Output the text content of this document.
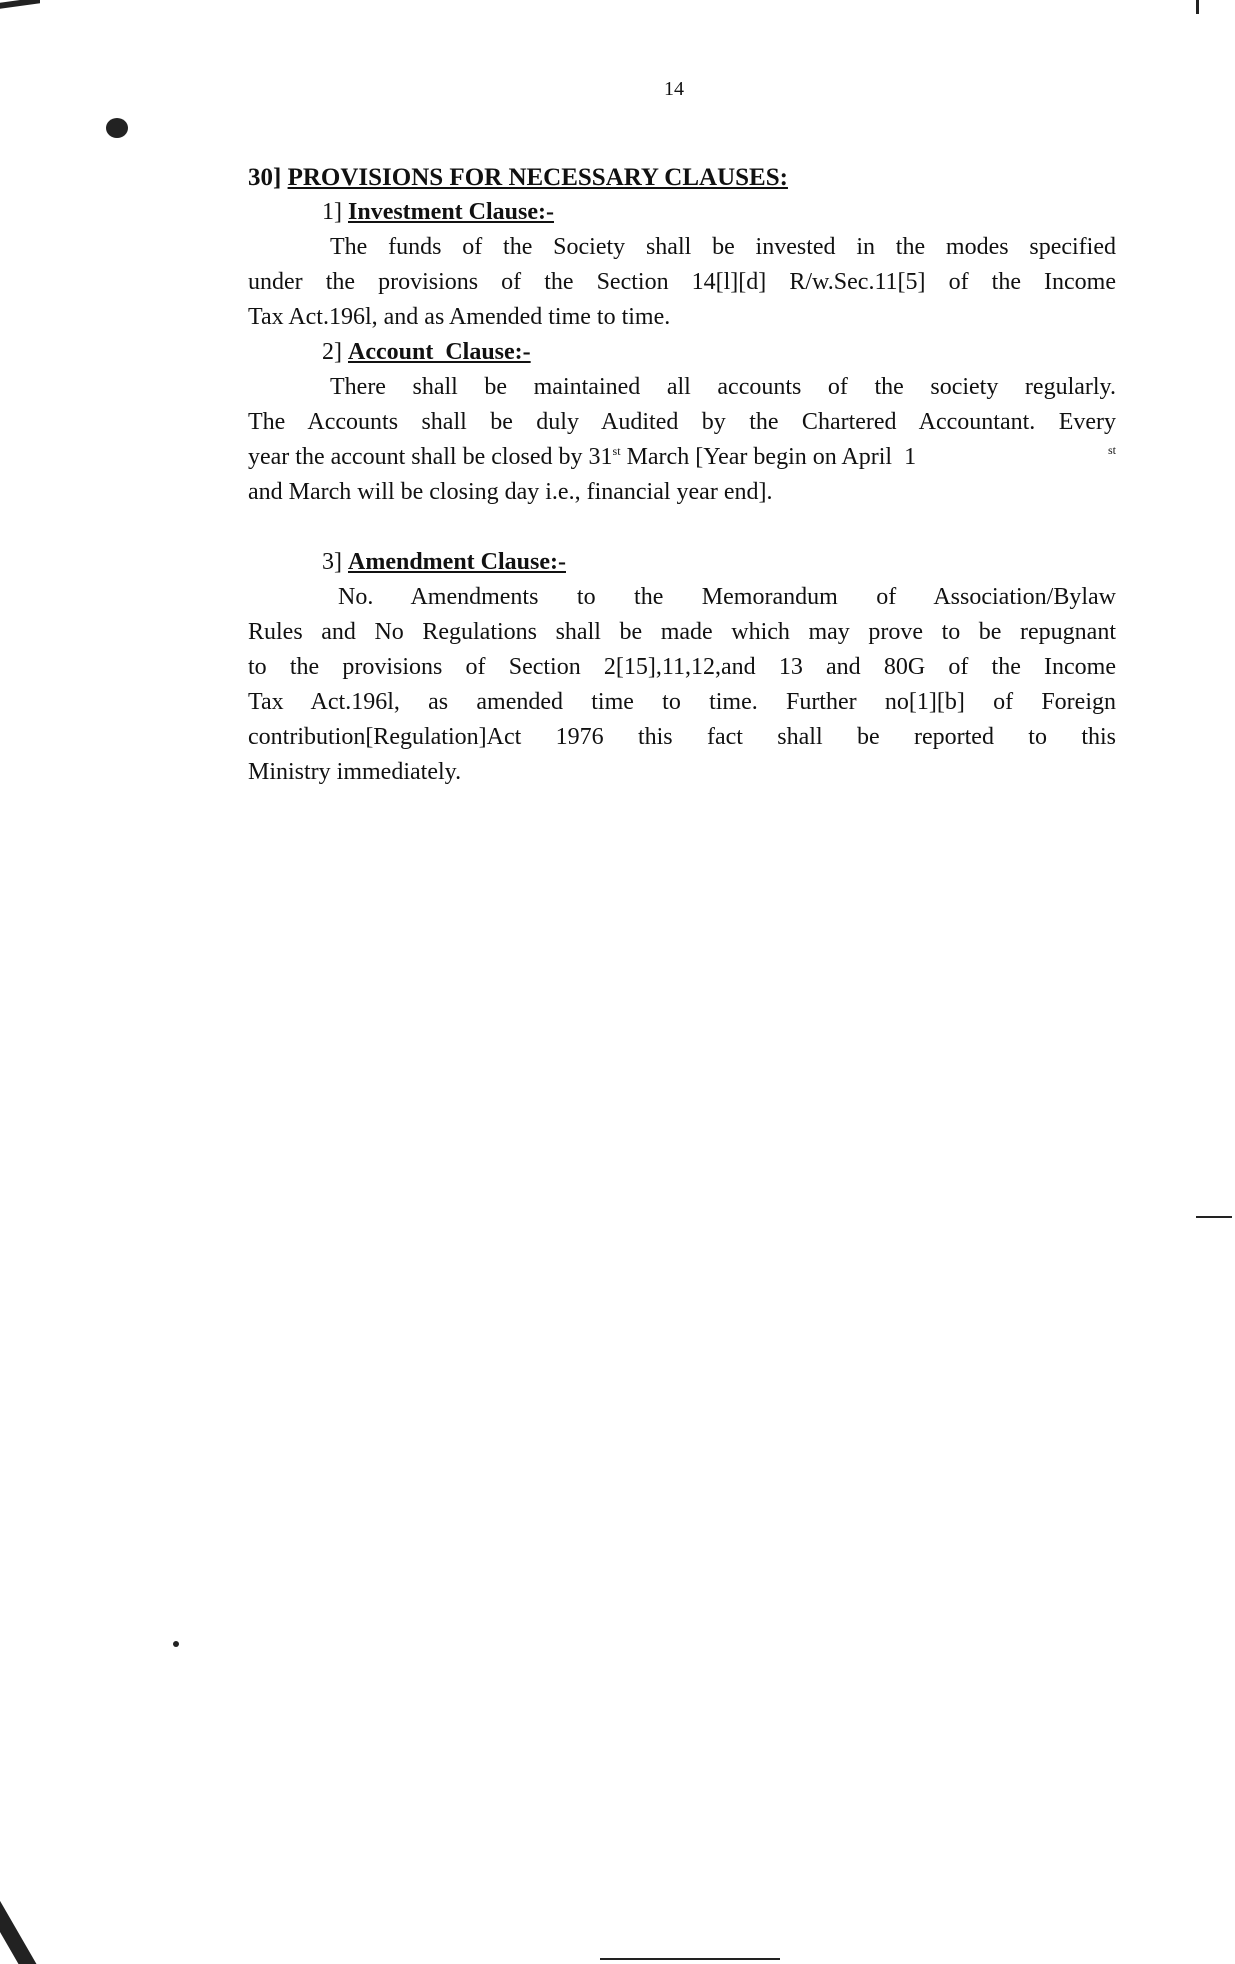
14
30] PROVISIONS FOR NECESSARY CLAUSES:
1] Investment Clause:-
The funds of the Society shall be invested in the modes specified
under the provisions of the Section 14[l][d] R/w.Sec.11[5] of the Income
Tax Act.196l, and as Amended time to time.
2] Account  Clause:-
There shall be maintained all accounts of the society regularly.
The Accounts shall be duly Audited by the Chartered Accountant. Every
year the account shall be closed by 31st March [Year begin on April  1	st
and March will be closing day i.e., financial year end].
3] Amendment Clause:-
No. Amendments to the Memorandum of Association/Bylaw
Rules and No Regulations shall be made which may prove to be repugnant
to the provisions of Section 2[15],11,12,and 13 and 80G of the Income
Tax Act.196l, as amended time to time. Further no[1][b] of Foreign
contribution[Regulation]Act 1976 this fact shall be reported to this
Ministry immediately.
